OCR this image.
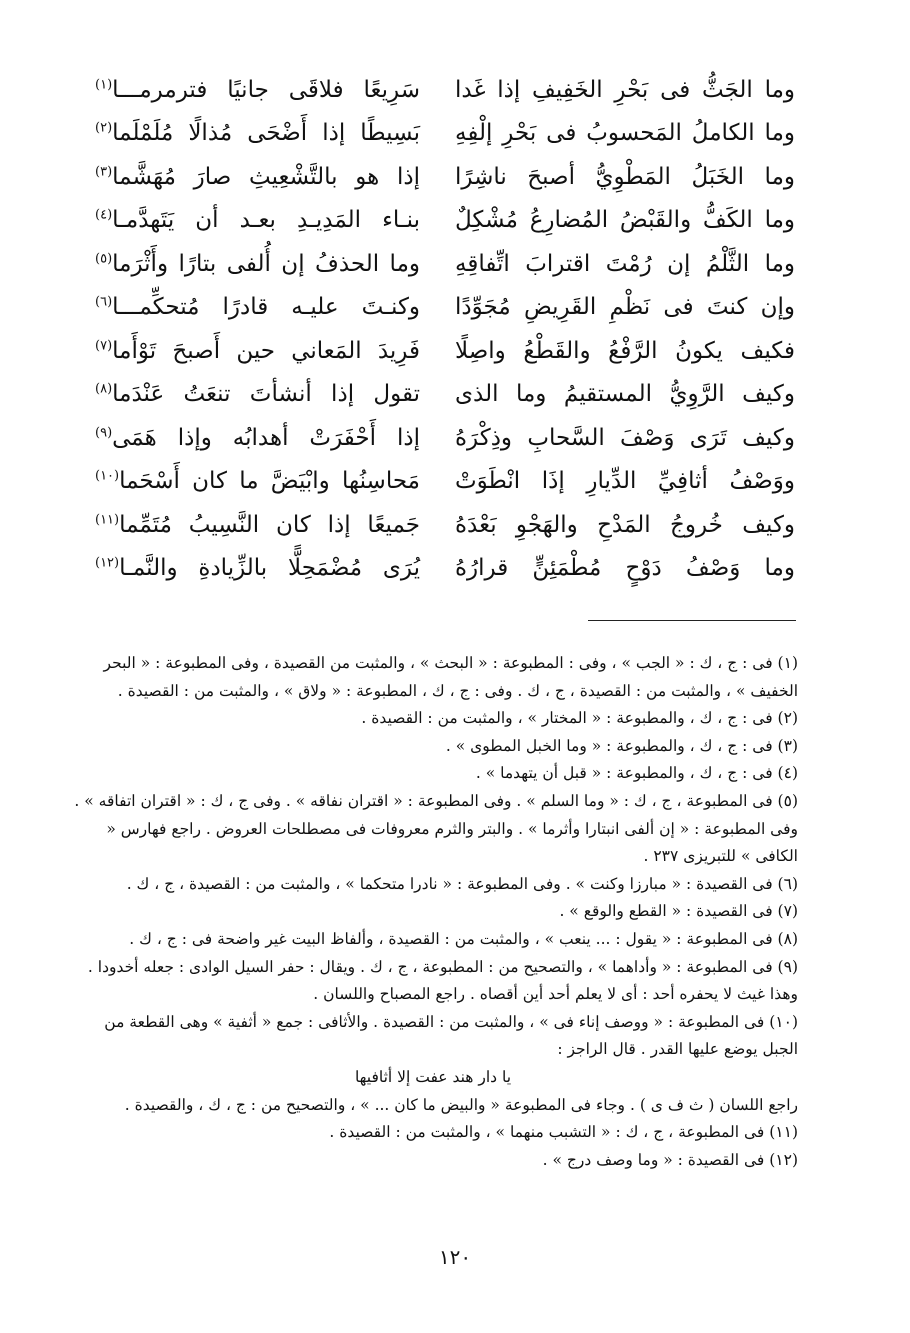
وما الجَثُّ فى بَحْرِ الخَفِيفِ إذا غَدا
سَرِيعًا فلاقَى جانيًا فترمرمـــا$^{(١)}$
وما الكاملُ المَحسوبُ فى بَحْرِ إلْفِهِ
بَسِيطًا إذا أَضْحَى مُذالًا مُلَمْلَما$^{(٢)}$
وما الخَبَلُ المَطْوِيُّ أصبحَ ناشِرًا
إذا هو بالتَّشْعِيثِ صارَ مُهَشَّما$^{(٣)}$
وما الكَفُّ والقَبْضُ المُضارِعُ مُشْكِلٌ
بنـاء المَدِيـدِ بعـد أن يَتَهدَّمـا$^{(٤)}$
وما الثَّلْمُ إن رُمْتَ اقترابَ اتِّفاقِهِ
وما الحذفُ إن أُلفى بتارًا وأَثْرَما$^{(٥)}$
وإن كنتَ فى نَظْمِ القَرِيضِ مُجَوِّدًا
وكنـتَ عليـه قادرًا مُتحكِّمـــا$^{(٦)}$
فكيف يكونُ الرَّفْعُ والقَطْعُ واصِلًا
فَرِيدَ المَعاني حين أَصبحَ تَوْأَما$^{(٧)}$
وكيف الرَّوِيُّ المستقيمُ وما الذى
تقول إذا أنشأتَ تنعَتُ عَنْدَما$^{(٨)}$
وكيف تَرَى وَصْفَ السَّحابِ وذِكْرَهُ
إذا أَحْفَرَتْ أهدابُه وإذا هَمَى$^{(٩)}$
ووَصْفُ أثافِيِّ الدِّيارِ إذَا انْطَوَتْ
مَحاسِنُها وابْيَضَّ ما كان أَسْحَما$^{(١٠)}$
وكيف خُروجُ المَدْحِ والهَجْوِ بَعْدَهُ
جَميعًا إذا كان النَّسِيبُ مُتَمِّما$^{(١١)}$
وما وَصْفُ دَوْحٍ مُطْمَئِنٍّ قرارُهُ
يُرَى مُضْمَحِلًّا بالزِّيادةِ والنَّمـا$^{(١٢)}$

(١) فى : ج ، ك : « الجب » ، وفى : المطبوعة : « البحث » ، والمثبت من القصيدة ، وفى المطبوعة : « البحر الخفيف » ، والمثبت من : القصيدة ، ج ، ك . وفى : ج ، ك ، المطبوعة : « ولاق » ، والمثبت من : القصيدة .

(٢) فى : ج ، ك ، والمطبوعة : « المختار » ، والمثبت من : القصيدة .

(٣) فى : ج ، ك ، والمطبوعة : « وما الخبل المطوى » .

(٤) فى : ج ، ك ، والمطبوعة : « قبل أن يتهدما » .

(٥) فى المطبوعة ، ج ، ك : « وما السلم » . وفى المطبوعة : « اقتران نفاقه » . وفى ج ، ك : « اقتران اتفاقه » . وفى المطبوعة : « إن ألفى انبتارا وأثرما » . والبتر والثرم معروفات فى مصطلحات العروض . راجع فهارس « الكافى » للتبريزى ٢٣٧ .

(٦) فى القصيدة : « مبارزا وكنت » . وفى المطبوعة : « نادرا متحكما » ، والمثبت من : القصيدة ، ج ، ك .

(٧) فى القصيدة : « القطع والوقع » .

(٨) فى المطبوعة : « يقول : ... ينعب » ، والمثبت من : القصيدة ، وألفاظ البيت غير واضحة فى : ج ، ك .

(٩) فى المطبوعة : « وأداهما » ، والتصحيح من : المطبوعة ، ج ، ك . ويقال : حفر السيل الوادى : جعله أخدودا . وهذا غيث لا يحفره أحد : أى لا يعلم أحد أين أقصاه . راجع المصباح واللسان .

(١٠) فى المطبوعة : « ووصف إناء فى » ، والمثبت من : القصيدة . والأثافى : جمع « أثفية » وهى القطعة من الجبل يوضع عليها القدر . قال الراجز :

يا دار هند عفت إلا أثافيها

راجع اللسان ( ث ف ى ) . وجاء فى المطبوعة « والبيض ما كان ... » ، والتصحيح من : ج ، ك ، والقصيدة .

(١١) فى المطبوعة ، ج ، ك : « التشبب منهما » ، والمثبت من : القصيدة .

(١٢) فى القصيدة : « وما وصف درج » .

١٢٠
